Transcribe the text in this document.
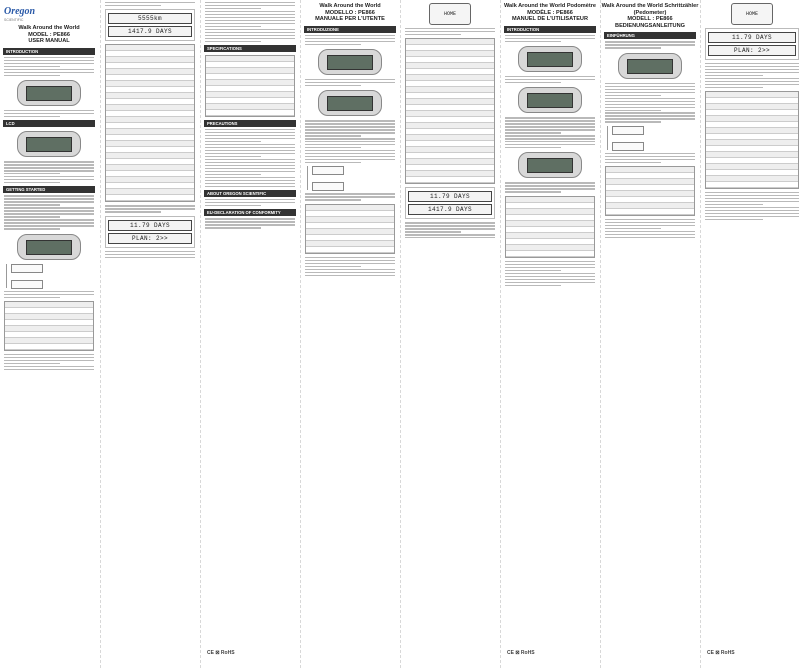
Oregon
SCIENTIFIC
Walk Around the World
MODEL : PE866
USER MANUAL
INTRODUCTION
LCD
GETTING STARTED
5555km
1417.9 DAYS
11.79 DAYS
PLAN: 2>>
SPECIFICATIONS
PRECAUTIONS
ABOUT OREGON SCIENTIFIC
EU-DECLARATION OF CONFORMITY
CE ⊠ RoHS
Walk Around the World
MODELLO : PE866
MANUALE PER L'UTENTE
INTRODUZIONE
HOME
11.79 DAYS
1417.9 DAYS
Walk Around the World Podomètre
MODÈLE : PE866
MANUEL DE L'UTILISATEUR
INTRODUCTION
CE ⊠ RoHS
Walk Around the World Schrittzähler (Pedometer)
MODELL : PE866
BEDIENUNGSANLEITUNG
EINFÜHRUNG
HOME
11.79 DAYS
PLAN: 2>>
CE ⊠ RoHS
